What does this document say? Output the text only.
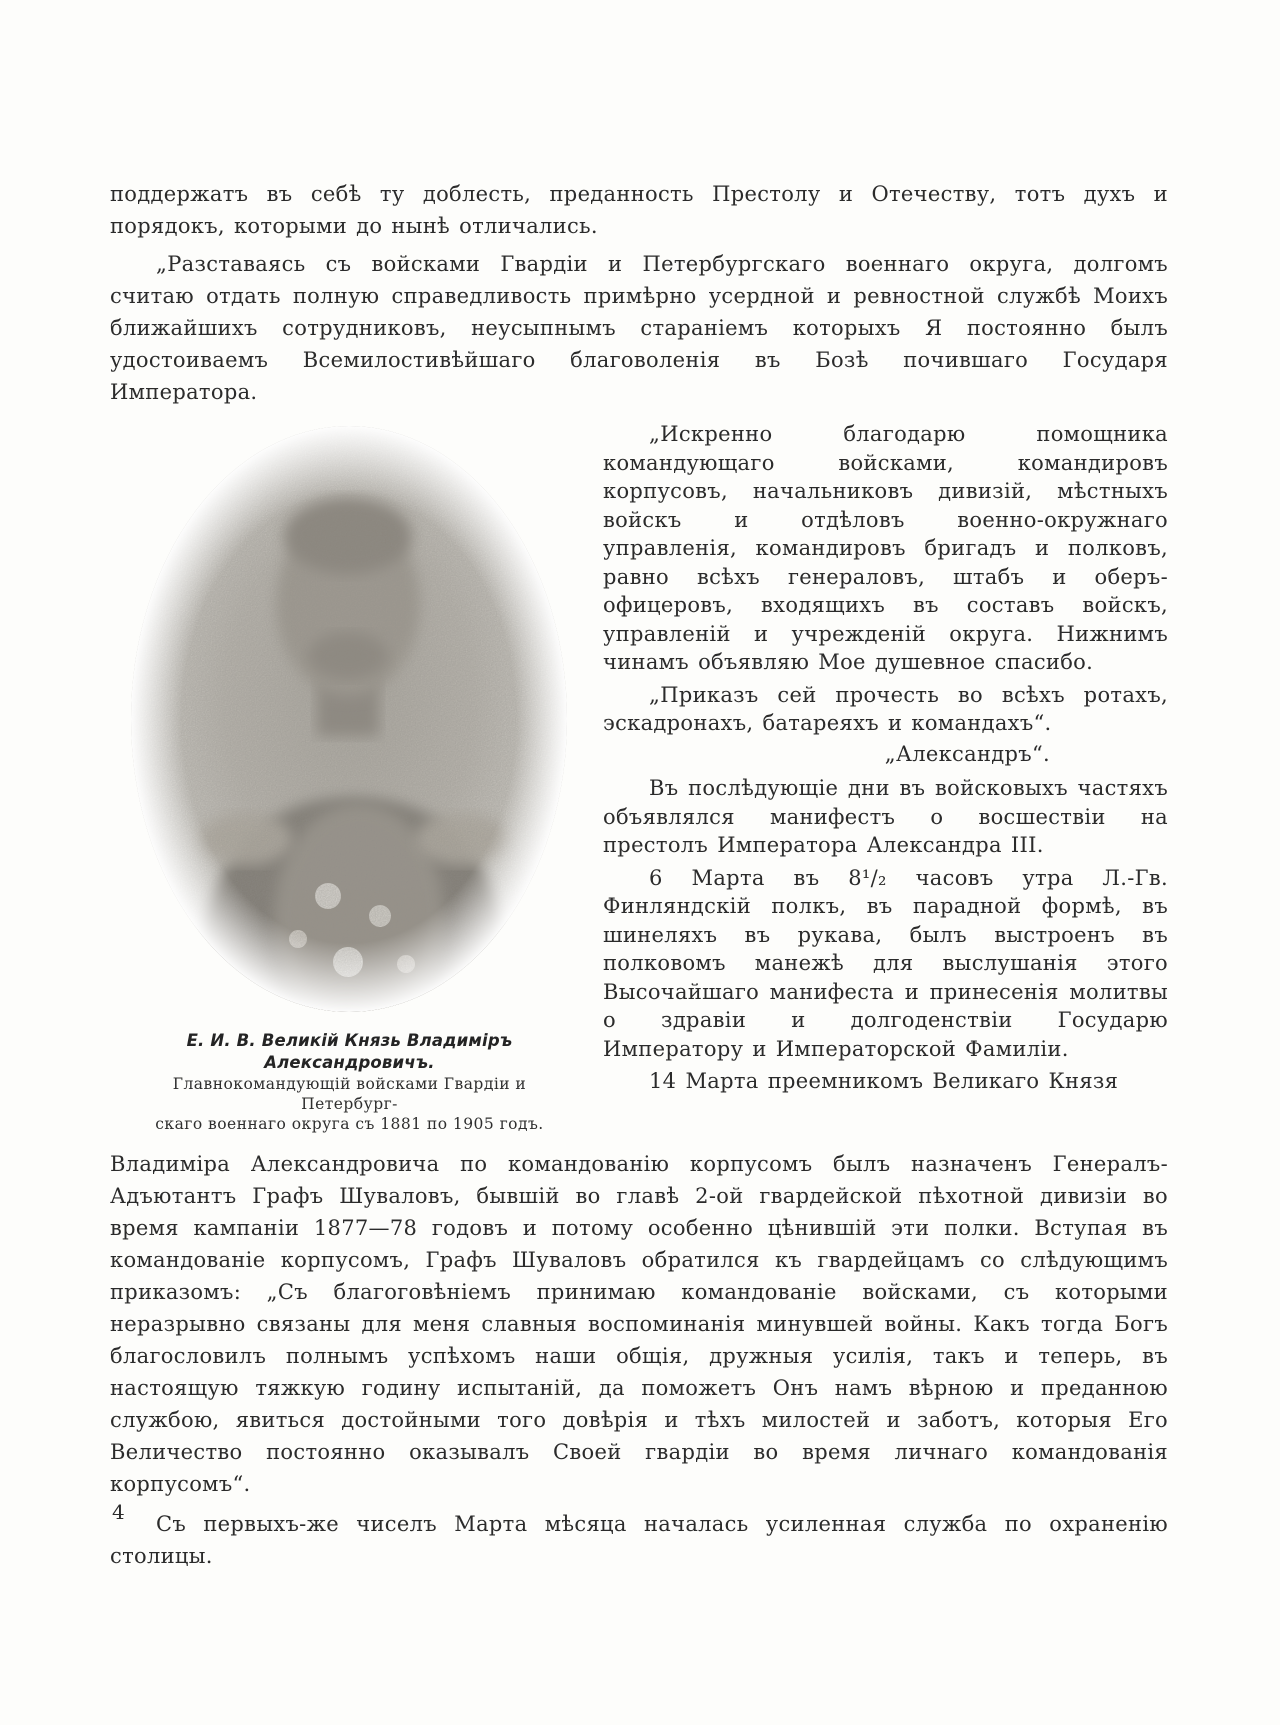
поддержатъ въ себѣ ту доблесть, преданность Престолу и Отечеству, тотъ духъ и порядокъ, которыми до нынѣ отличались.

„Разставаясь съ войсками Гвардіи и Петербургскаго военнаго округа, долгомъ считаю отдать полную справедливость примѣрно усердной и ревностной службѣ Моихъ ближайшихъ сотрудниковъ, неусыпнымъ стараніемъ которыхъ Я постоянно былъ удостоиваемъ Всемилостивѣйшаго благоволенія въ Бозѣ почившаго Государя Императора.

Е. И. В. Великій Князь Владиміръ Александровичъ.
Главнокомандующій войсками Гвардіи и Петербург-
скаго военнаго округа съ 1881 по 1905 годъ.

„Искренно благодарю помощника командующаго войсками, командировъ корпусовъ, начальниковъ дивизій, мѣстныхъ войскъ и отдѣловъ военно-окружнаго управленія, командировъ бригадъ и полковъ, равно всѣхъ генераловъ, штабъ и оберъ-офицеровъ, входящихъ въ составъ войскъ, управленій и учрежденій округа. Нижнимъ чинамъ объявляю Мое душевное спасибо.

„Приказъ сей прочесть во всѣхъ ротахъ, эскадронахъ, батареяхъ и командахъ“.

„Александръ“.

Въ послѣдующіе дни въ войсковыхъ частяхъ объявлялся манифестъ о восшествіи на престолъ Императора Александра III.

6 Марта въ 8¹/₂ часовъ утра Л.-Гв. Финляндскій полкъ, въ парадной формѣ, въ шинеляхъ въ рукава, былъ выстроенъ въ полковомъ манежѣ для выслушанія этого Высочайшаго манифеста и принесенія молитвы о здравіи и долгоденствіи Государю Императору и Императорской Фамиліи.

14 Марта преемникомъ Великаго Князя

Владиміра Александровича по командованію корпусомъ былъ назначенъ Генералъ-Адъютантъ Графъ Шуваловъ, бывшій во главѣ 2-ой гвардейской пѣхотной дивизіи во время кампаніи 1877—78 годовъ и потому особенно цѣнившій эти полки. Вступая въ командованіе корпусомъ, Графъ Шуваловъ обратился къ гвардейцамъ со слѣдующимъ приказомъ: „Съ благоговѣніемъ принимаю командованіе войсками, съ которыми неразрывно связаны для меня славныя воспоминанія минувшей войны. Какъ тогда Богъ благословилъ полнымъ успѣхомъ наши общія, дружныя усилія, такъ и теперь, въ настоящую тяжкую годину испытаній, да поможетъ Онъ намъ вѣрною и преданною службою, явиться достойными того довѣрія и тѣхъ милостей и заботъ, которыя Его Величество постоянно оказывалъ Своей гвардіи во время личнаго командованія корпусомъ“.

Съ первыхъ-же чиселъ Марта мѣсяца началась усиленная служба по охраненію столицы.

4
